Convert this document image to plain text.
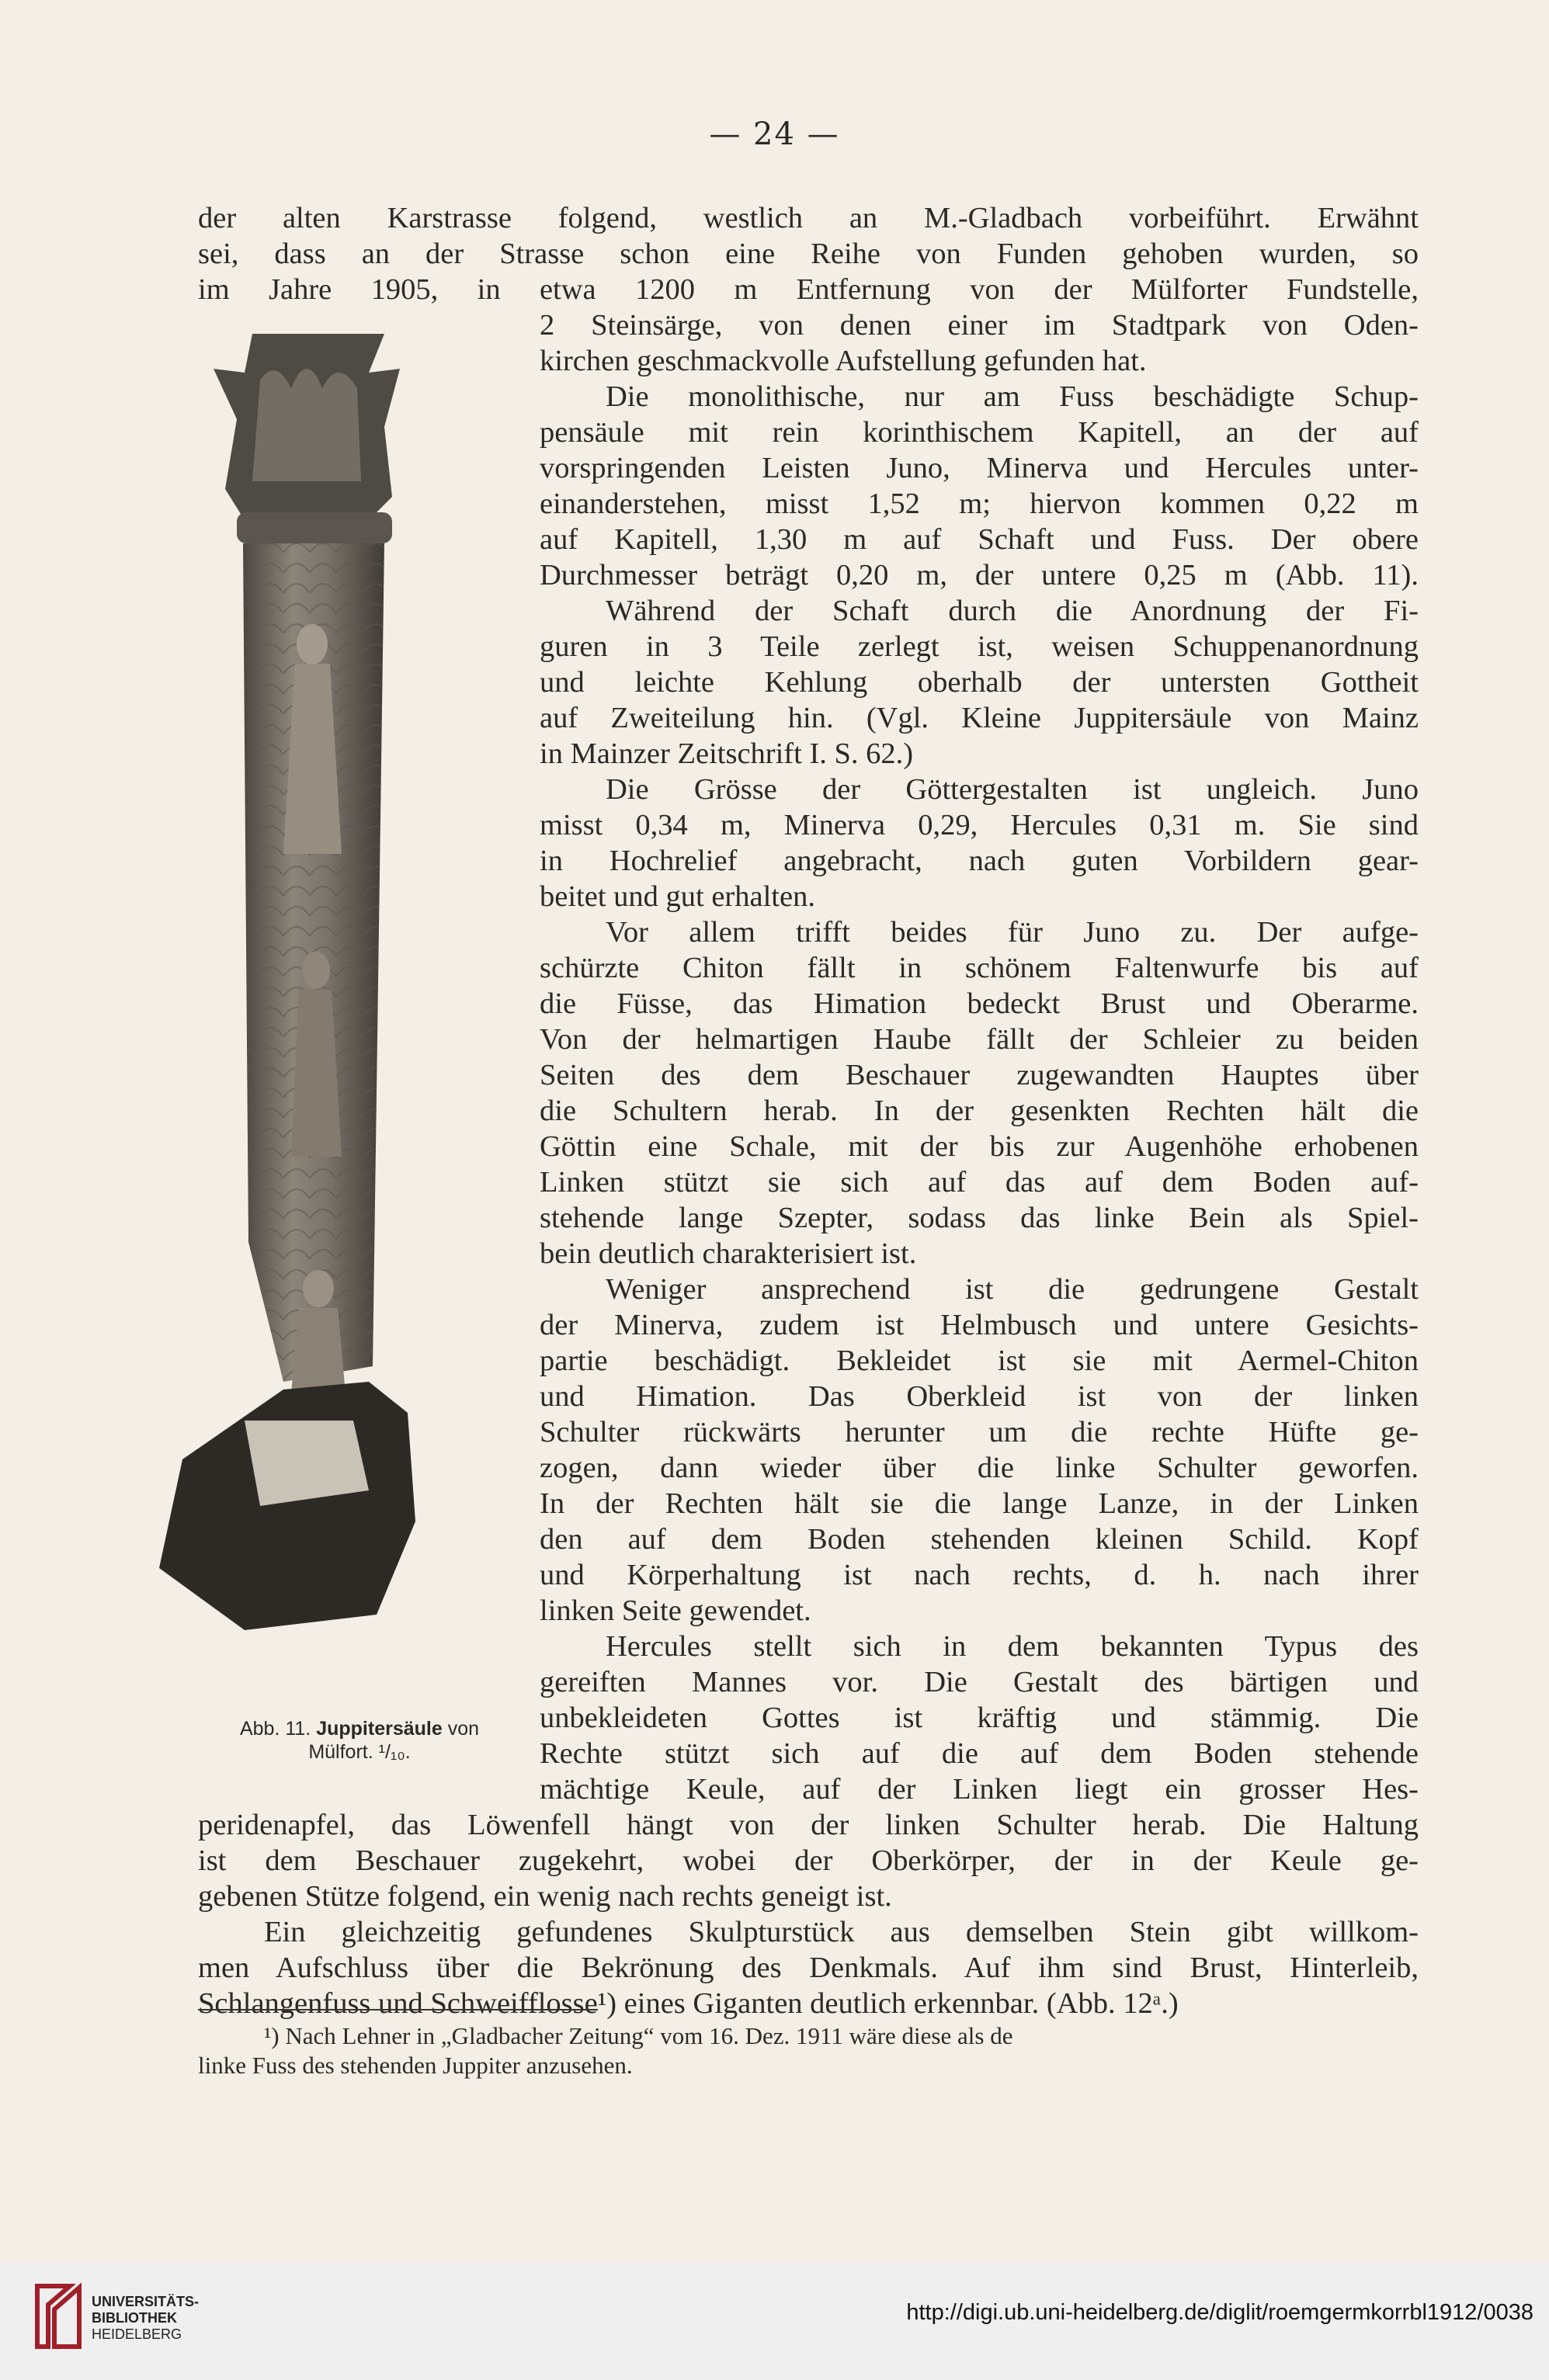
— 24 —
der alten Karstrasse folgend, westlich an M.-Gladbach vorbeiführt. Erwähnt
sei, dass an der Strasse schon eine Reihe von Funden gehoben wurden, so
im Jahre 1905, in etwa 1200 m Entfernung von der Mülforter Fundstelle,
2 Steinsärge, von denen einer im Stadtpark von Oden-
kirchen geschmackvolle Aufstellung gefunden hat.
Die monolithische, nur am Fuss beschädigte Schup-
pensäule mit rein korinthischem Kapitell, an der auf
vorspringenden Leisten Juno, Minerva und Hercules unter-
einanderstehen, misst 1,52 m; hiervon kommen 0,22 m
auf Kapitell, 1,30 m auf Schaft und Fuss. Der obere
Durchmesser beträgt 0,20 m, der untere 0,25 m (Abb. 11).
Während der Schaft durch die Anordnung der Fi-
guren in 3 Teile zerlegt ist, weisen Schuppenanordnung
und leichte Kehlung oberhalb der untersten Gottheit
auf Zweiteilung hin. (Vgl. Kleine Juppitersäule von Mainz
in Mainzer Zeitschrift I. S. 62.)
Die Grösse der Göttergestalten ist ungleich. Juno
misst 0,34 m, Minerva 0,29, Hercules 0,31 m. Sie sind
in Hochrelief angebracht, nach guten Vorbildern gear-
beitet und gut erhalten.
Vor allem trifft beides für Juno zu. Der aufge-
schürzte Chiton fällt in schönem Faltenwurfe bis auf
die Füsse, das Himation bedeckt Brust und Oberarme.
Von der helmartigen Haube fällt der Schleier zu beiden
Seiten des dem Beschauer zugewandten Hauptes über
die Schultern herab. In der gesenkten Rechten hält die
Göttin eine Schale, mit der bis zur Augenhöhe erhobenen
Linken stützt sie sich auf das auf dem Boden auf-
stehende lange Szepter, sodass das linke Bein als Spiel-
bein deutlich charakterisiert ist.
Weniger ansprechend ist die gedrungene Gestalt
der Minerva, zudem ist Helmbusch und untere Gesichts-
partie beschädigt. Bekleidet ist sie mit Aermel-Chiton
und Himation. Das Oberkleid ist von der linken
Schulter rückwärts herunter um die rechte Hüfte ge-
zogen, dann wieder über die linke Schulter geworfen.
In der Rechten hält sie die lange Lanze, in der Linken
den auf dem Boden stehenden kleinen Schild. Kopf
und Körperhaltung ist nach rechts, d. h. nach ihrer
linken Seite gewendet.
Hercules stellt sich in dem bekannten Typus des
gereiften Mannes vor. Die Gestalt des bärtigen und
unbekleideten Gottes ist kräftig und stämmig. Die
Rechte stützt sich auf die auf dem Boden stehende
mächtige Keule, auf der Linken liegt ein grosser Hes-
peridenapfel, das Löwenfell hängt von der linken Schulter herab. Die Haltung
ist dem Beschauer zugekehrt, wobei der Oberkörper, der in der Keule ge-
gebenen Stütze folgend, ein wenig nach rechts geneigt ist.
Ein gleichzeitig gefundenes Skulpturstück aus demselben Stein gibt willkom-
men Aufschluss über die Bekrönung des Denkmals. Auf ihm sind Brust, Hinterleib,
Schlangenfuss und Schweifflosse¹) eines Giganten deutlich erkennbar. (Abb. 12ᵃ.)
Abb. 11. Juppitersäule von
Mülfort. ¹/₁₀.
¹) Nach Lehner in „Gladbacher Zeitung“ vom 16. Dez. 1911 wäre diese als de
linke Fuss des stehenden Juppiter anzusehen.
UNIVERSITÄTS-
BIBLIOTHEK
HEIDELBERG
http://digi.ub.uni-heidelberg.de/diglit/roemgermkorrbl1912/0038
